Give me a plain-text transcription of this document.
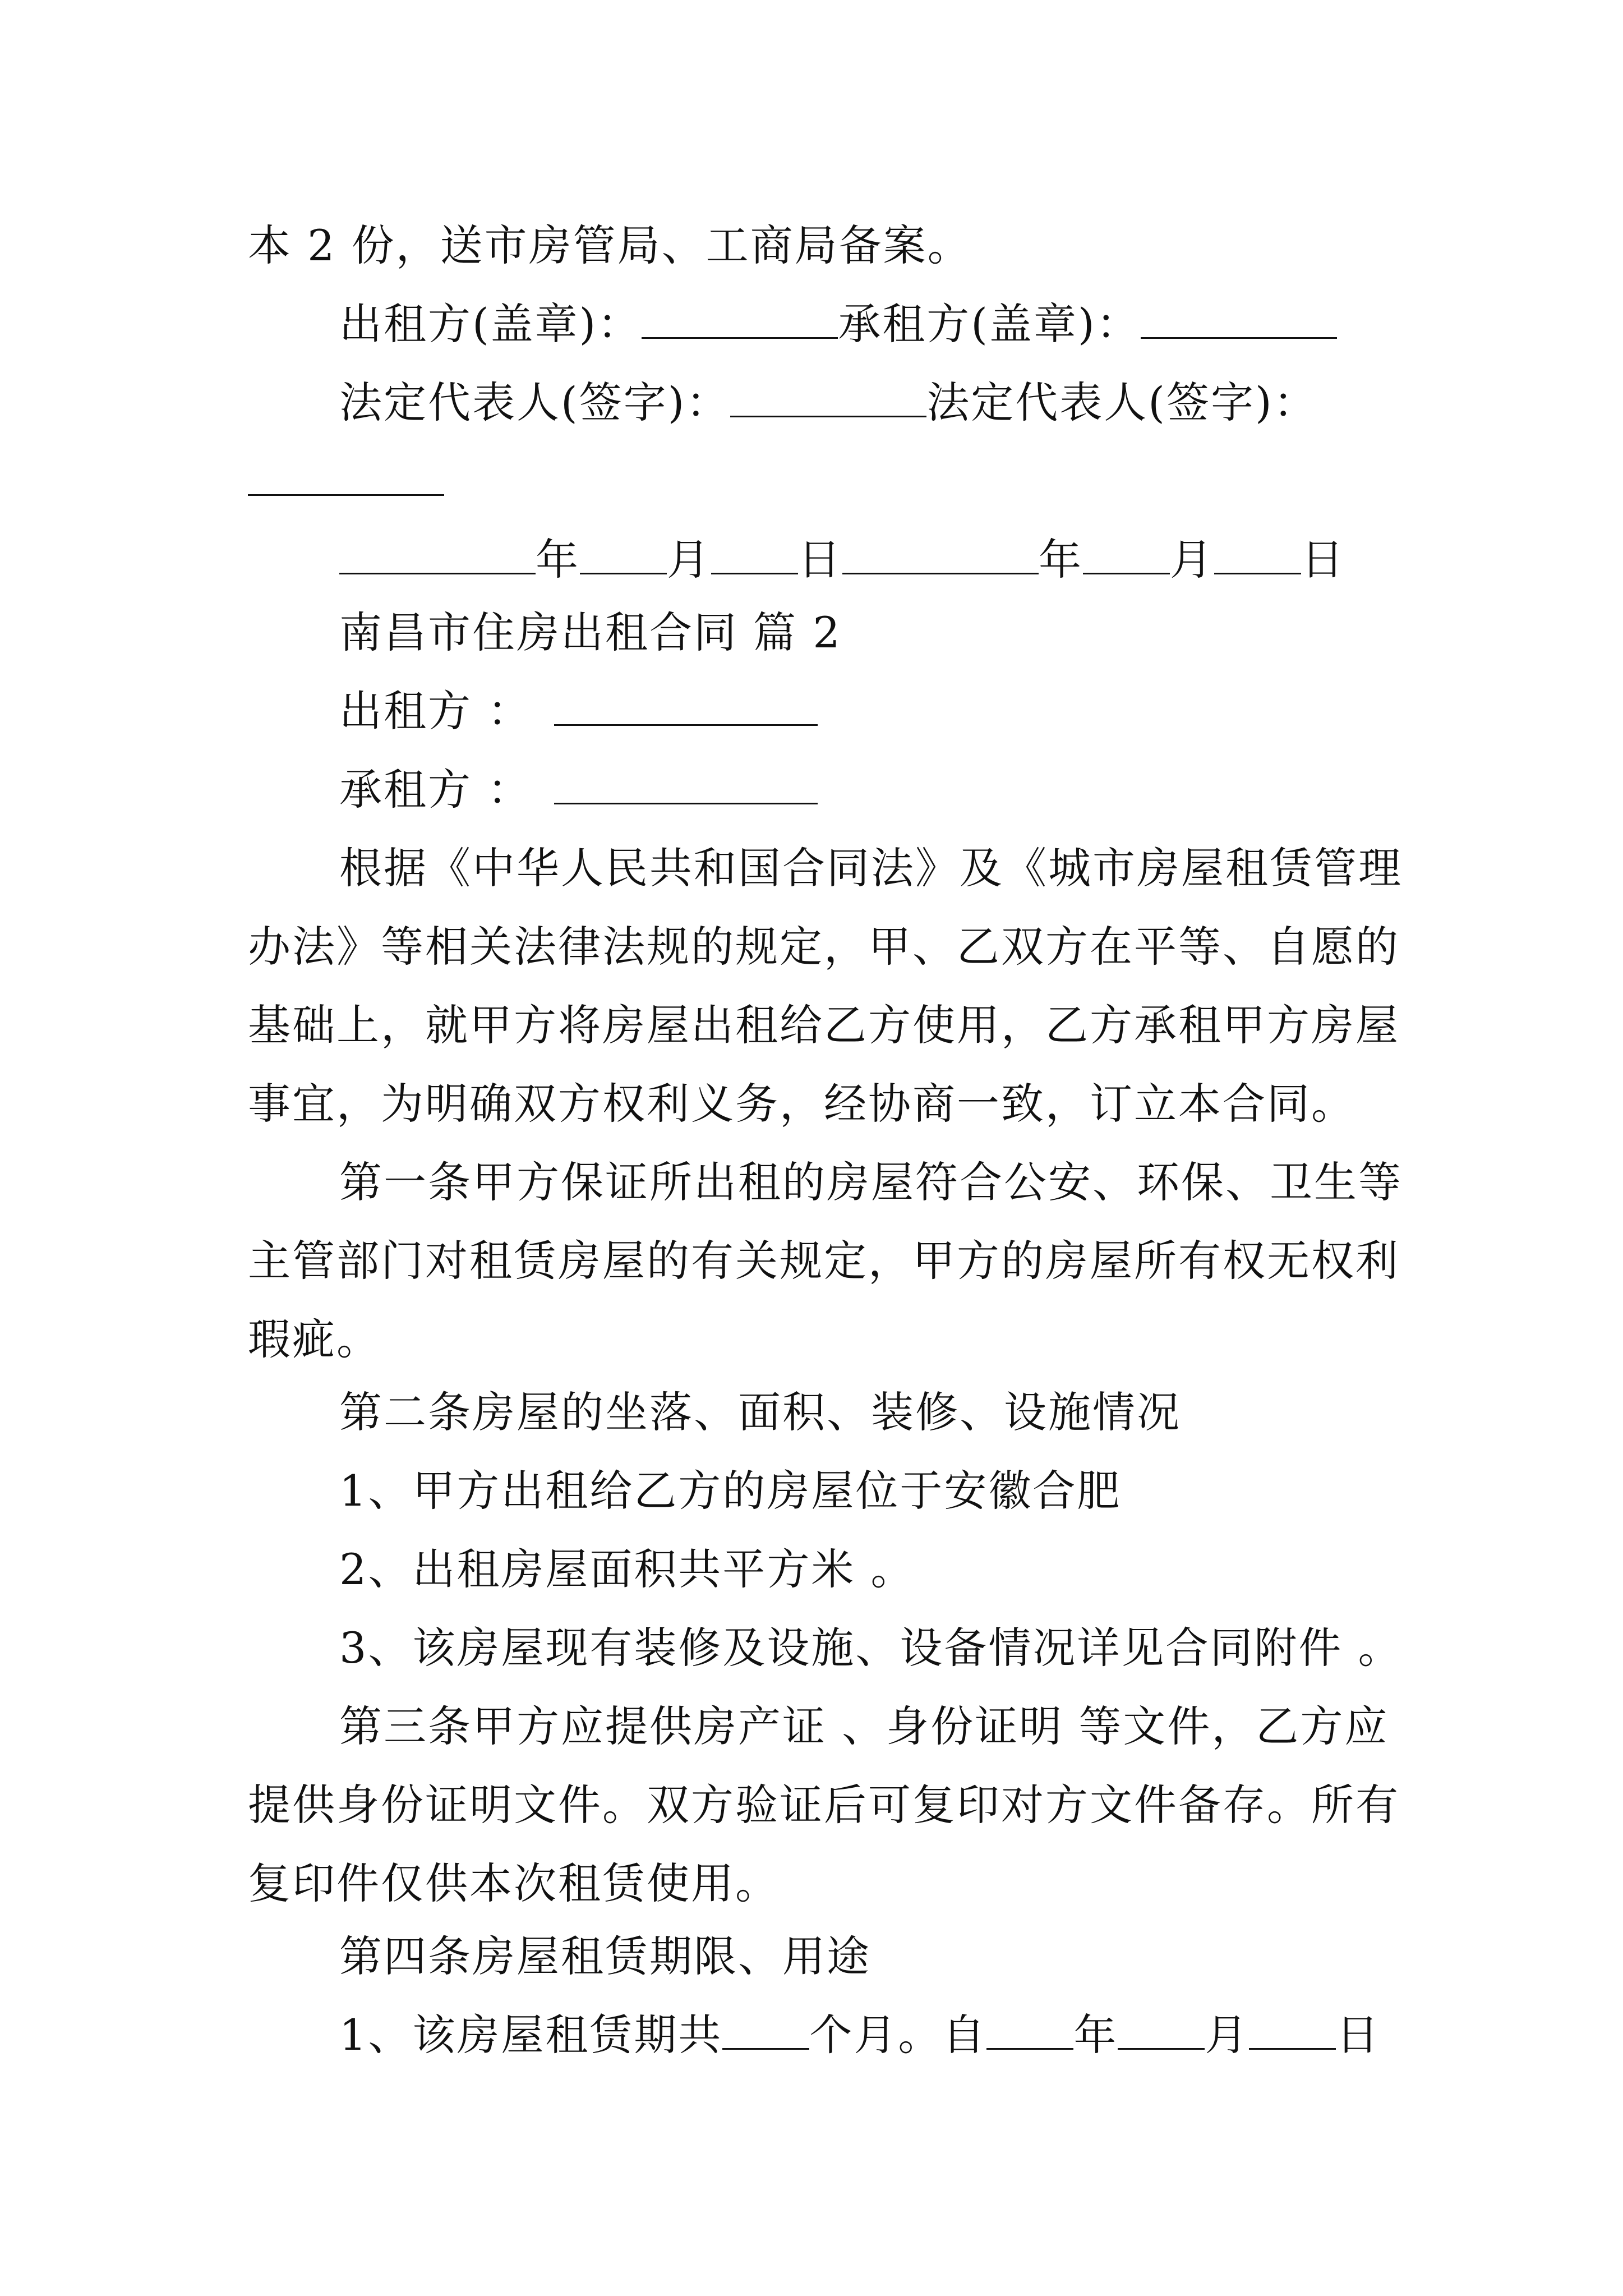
本 2 份，送市房管局、工商局备案。
出租方(盖章)：	承租方(盖章)：
法定代表人(签字)：	法定代表人(签字)：
年 月 日	年 月 日
南昌市住房出租合同 篇 2
出租方 ：
承租方 ：
根据《中华人民共和国合同法》及《城市房屋租赁管理
办法》等相关法律法规的规定，甲、乙双方在平等、自愿的
基础上，就甲方将房屋出租给乙方使用，乙方承租甲方房屋
事宜，为明确双方权利义务，经协商一致，订立本合同。
第一条甲方保证所出租的房屋符合公安、环保、卫生等
主管部门对租赁房屋的有关规定，甲方的房屋所有权无权利
瑕疵。
第二条房屋的坐落、面积、装修、设施情况
1、甲方出租给乙方的房屋位于安徽合肥
2、出租房屋面积共平方米 。
3、该房屋现有装修及设施、设备情况详见合同附件 。
第三条甲方应提供房产证 、身份证明 等文件，乙方应
提供身份证明文件。双方验证后可复印对方文件备存。所有
复印件仅供本次租赁使用。
第四条房屋租赁期限、用途
1、该房屋租赁期共 个月。自 年 月 日
